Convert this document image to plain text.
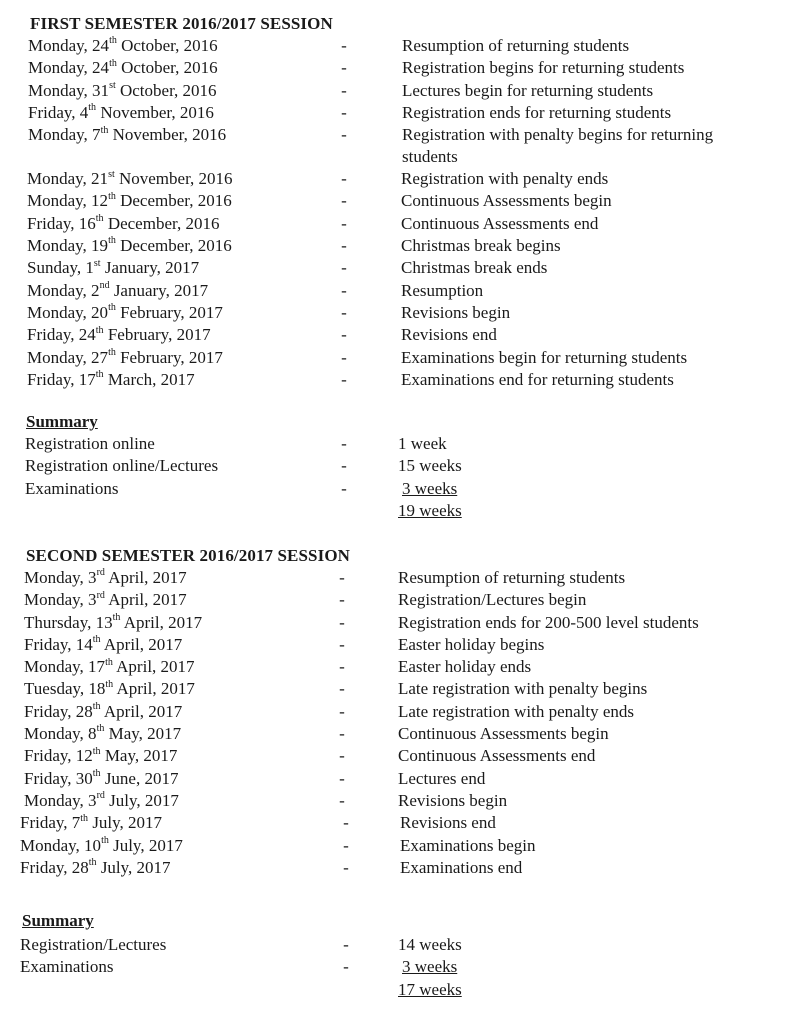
FIRST SEMESTER 2016/2017 SESSION
Monday, 24th October, 2016	-	Resumption of returning students
Monday, 24th October, 2016	-	Registration begins for returning students
Monday, 31st October, 2016	-	Lectures begin for returning students
Friday, 4th November, 2016	-	Registration ends for returning students
Monday, 7th November, 2016	-	Registration with penalty begins for returning students
Monday, 21st November, 2016	-	Registration with penalty ends
Monday, 12th December, 2016	-	Continuous Assessments begin
Friday, 16th December, 2016	-	Continuous Assessments end
Monday, 19th December, 2016	-	Christmas break begins
Sunday, 1st January, 2017	-	Christmas break ends
Monday, 2nd January, 2017	-	Resumption
Monday, 20th February, 2017	-	Revisions begin
Friday, 24th February, 2017	-	Revisions end
Monday, 27th February, 2017	-	Examinations begin for returning students
Friday, 17th March, 2017	-	Examinations end for returning students
Summary
Registration online	-	1 week
Registration online/Lectures	-	15 weeks
Examinations	-	3 weeks
19 weeks
SECOND SEMESTER 2016/2017 SESSION
Monday, 3rd April, 2017	-	Resumption of returning students
Monday, 3rd April, 2017	-	Registration/Lectures begin
Thursday, 13th April, 2017	-	Registration ends for 200-500 level students
Friday, 14th April, 2017	-	Easter holiday begins
Monday, 17th April, 2017	-	Easter holiday ends
Tuesday, 18th April, 2017	-	Late registration with penalty begins
Friday, 28th April, 2017	-	Late registration with penalty ends
Monday, 8th May, 2017	-	Continuous Assessments begin
Friday, 12th May, 2017	-	Continuous Assessments end
Friday, 30th June, 2017	-	Lectures end
Monday, 3rd July, 2017	-	Revisions begin
Friday, 7th July, 2017	-	Revisions end
Monday, 10th July, 2017	-	Examinations begin
Friday, 28th July, 2017	-	Examinations end
Summary
Registration/Lectures	-	14 weeks
Examinations	-	3 weeks
17 weeks
